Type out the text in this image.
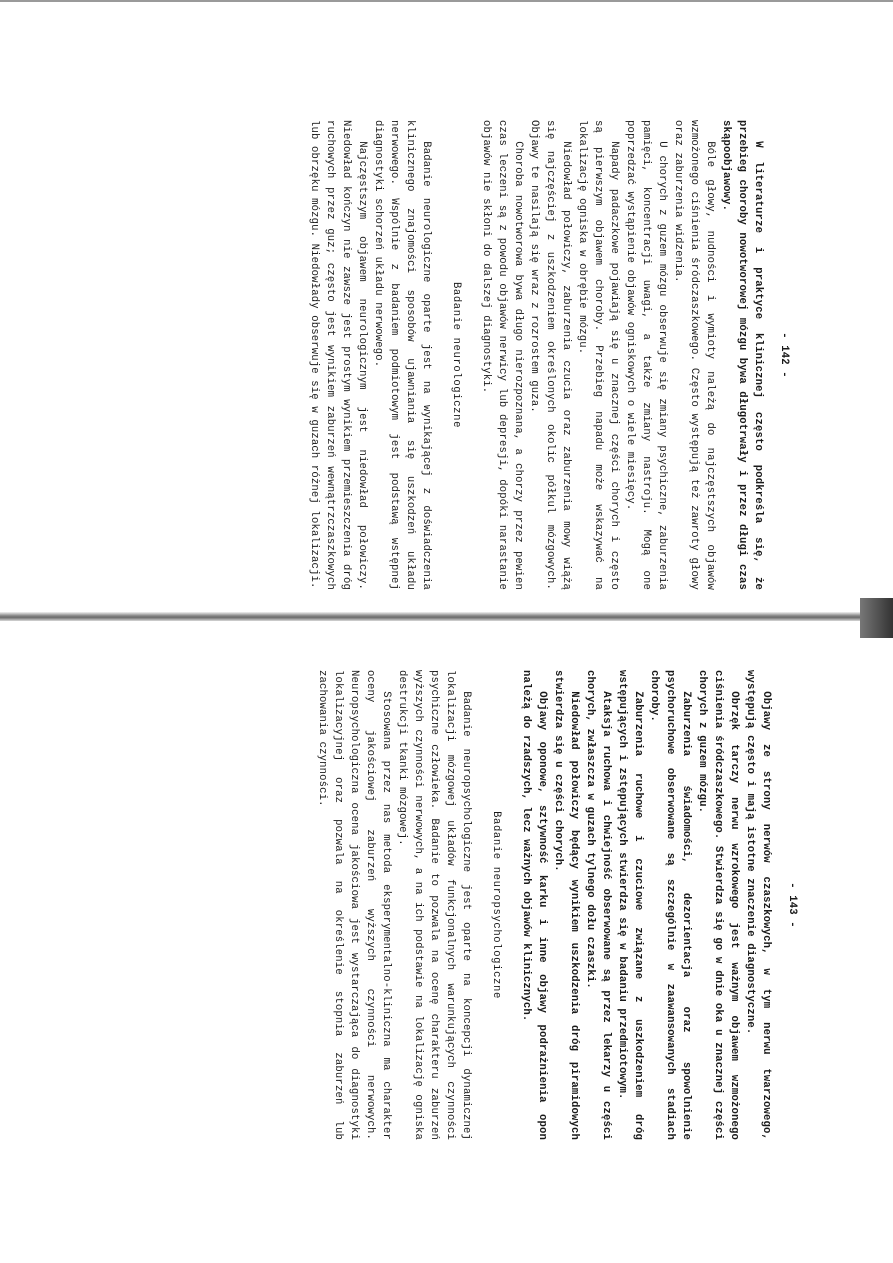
- 142 -

W literaturze i praktyce klinicznej często podkreśla się, że przebieg choroby nowotworowej mózgu bywa długotrwały i przez długi czas skąpoobjawowy.

Bóle głowy, nudności i wymioty należą do najczęstszych objawów wzmożonego ciśnienia śródczaszkowego. Często występują też zawroty głowy oraz zaburzenia widzenia.

U chorych z guzem mózgu obserwuje się zmiany psychiczne, zaburzenia pamięci, koncentracji uwagi, a także zmiany nastroju. Mogą one poprzedzać wystąpienie objawów ogniskowych o wiele miesięcy.

Napady padaczkowe pojawiają się u znacznej części chorych i często są pierwszym objawem choroby. Przebieg napadu może wskazywać na lokalizację ogniska w obrębie mózgu.

Niedowład połowiczy, zaburzenia czucia oraz zaburzenia mowy wiążą się najczęściej z uszkodzeniem określonych okolic półkul mózgowych. Objawy te nasilają się wraz z rozrostem guza.

Choroba nowotworowa bywa długo nierozpoznana, a chorzy przez pewien czas leczeni są z powodu objawów nerwicy lub depresji, dopóki narastanie objawów nie skłoni do dalszej diagnostyki.

Badanie neurologiczne

Badanie neurologiczne oparte jest na wynikającej z doświadczenia klinicznego znajomości sposobów ujawniania się uszkodzeń układu nerwowego. Wspólnie z badaniem podmiotowym jest podstawą wstępnej diagnostyki schorzeń układu nerwowego.

Najczęstszym objawem neurologicznym jest niedowład połowiczy. Niedowład kończyn nie zawsze jest prostym wynikiem przemieszczenia dróg ruchowych przez guz; często jest wynikiem zaburzeń wewnątrzczaszkowych lub obrzęku mózgu. Niedowłady obserwuje się w guzach różnej lokalizacji.

- 143 -

Objawy ze strony nerwów czaszkowych, w tym nerwu twarzowego, występują często i mają istotne znaczenie diagnostyczne.

Obrzęk tarczy nerwu wzrokowego jest ważnym objawem wzmożonego ciśnienia śródczaszkowego. Stwierdza się go w dnie oka u znacznej części chorych z guzem mózgu.

Zaburzenia świadomości, dezorientacja oraz spowolnienie psychoruchowe obserwowane są szczególnie w zaawansowanych stadiach choroby.

Zaburzenia ruchowe i czuciowe związane z uszkodzeniem dróg wstępujących i zstępujących stwierdza się w badaniu przedmiotowym.

Ataksja ruchowa i chwiejność obserwowane są przez lekarzy u części chorych, zwłaszcza w guzach tylnego dołu czaszki.

Niedowład połowiczy będący wynikiem uszkodzenia dróg piramidowych stwierdza się u części chorych.

Objawy oponowe, sztywność karku i inne objawy podrażnienia opon należą do rzadszych, lecz ważnych objawów klinicznych.

Badanie neuropsychologiczne

Badanie neuropsychologiczne jest oparte na koncepcji dynamicznej lokalizacji mózgowej układów funkcjonalnych warunkujących czynności psychiczne człowieka. Badanie to pozwala na ocenę charakteru zaburzeń wyższych czynności nerwowych, a na ich podstawie na lokalizację ogniska destrukcji tkanki mózgowej.

Stosowana przez nas metoda eksperymentalno-kliniczna ma charakter oceny jakościowej zaburzeń wyższych czynności nerwowych. Neuropsychologiczna ocena jakościowa jest wystarczająca do diagnostyki lokalizacyjnej oraz pozwala na określenie stopnia zaburzeń lub zachowania czynności.
